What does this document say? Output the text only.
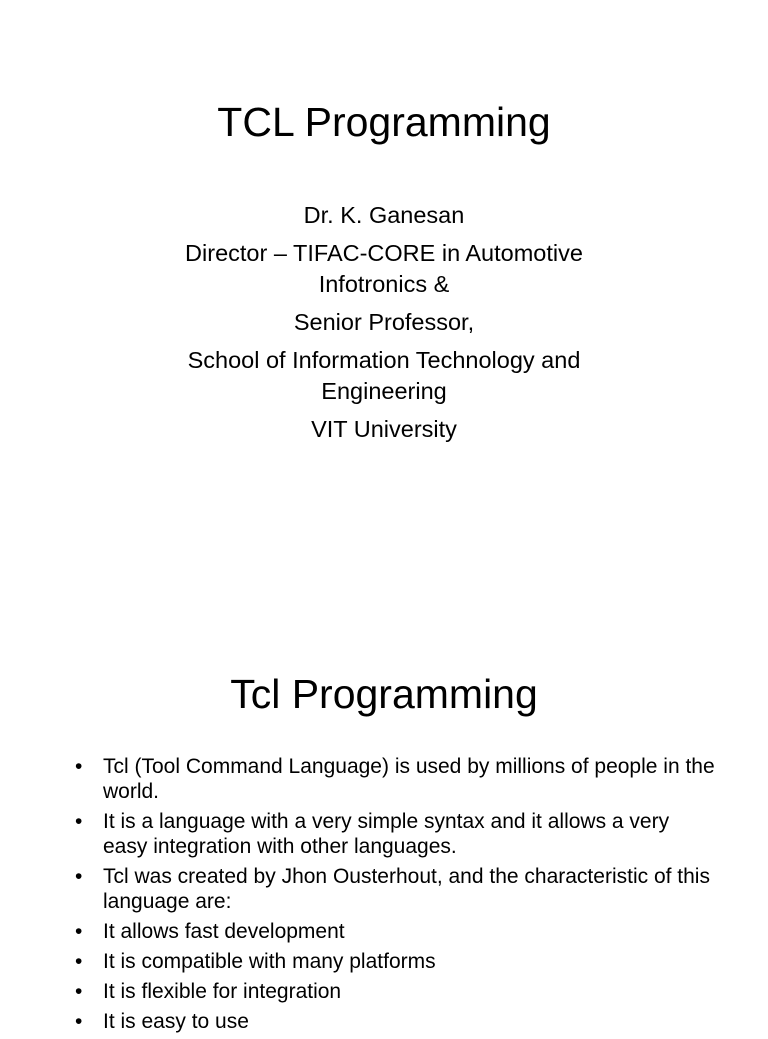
TCL Programming
Dr. K. Ganesan
Director – TIFAC-CORE in Automotive Infotronics &
Senior Professor,
School of Information Technology and Engineering
VIT University
Tcl Programming
• Tcl (Tool Command Language) is used by millions of people in the world.
• It is a language with a very simple syntax and it allows a very easy integration with other languages.
• Tcl was created by Jhon Ousterhout, and the characteristic of this language are:
• It allows fast development
• It is compatible with many platforms
• It is flexible for integration
• It is easy to use
